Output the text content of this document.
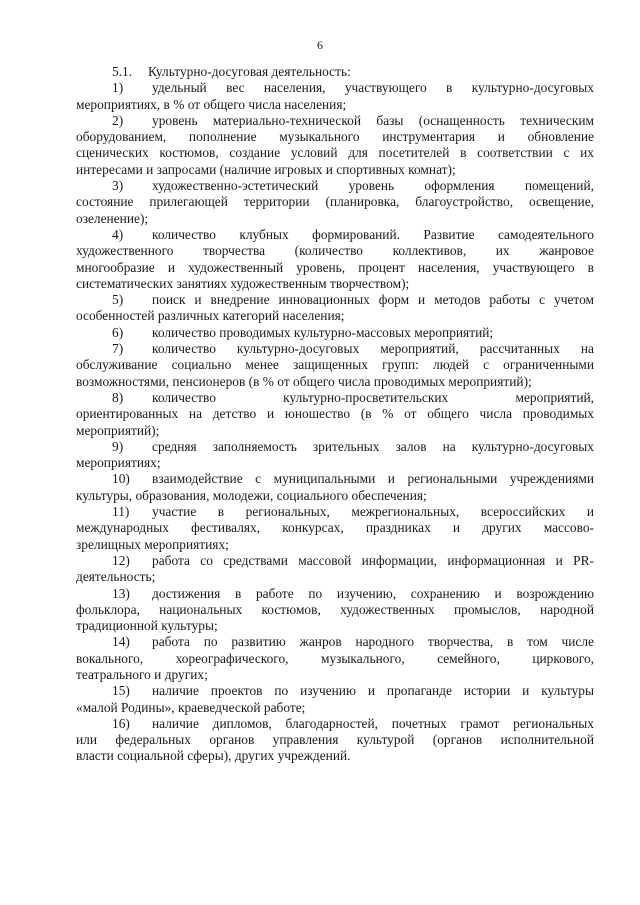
6
5.1. Культурно-досуговая деятельность:
1) удельный вес населения, участвующего в культурно-досуговых
мероприятиях, в % от общего числа населения;
2) уровень материально-технической базы (оснащенность техническим
оборудованием, пополнение музыкального инструментария и обновление
сценических костюмов, создание условий для посетителей в соответствии с их
интересами и запросами (наличие игровых и спортивных комнат);
3) художественно-эстетический уровень оформления помещений,
состояние прилегающей территории (планировка, благоустройство, освещение,
озеленение);
4) количество клубных формирований. Развитие самодеятельного
художественного творчества (количество коллективов, их жанровое
многообразие и художественный уровень, процент населения, участвующего в
систематических занятиях художественным творчеством);
5) поиск и внедрение инновационных форм и методов работы с учетом
особенностей различных категорий населения;
6) количество проводимых культурно-массовых мероприятий;
7) количество культурно-досуговых мероприятий, рассчитанных на
обслуживание социально менее защищенных групп: людей с ограниченными
возможностями, пенсионеров (в % от общего числа проводимых мероприятий);
8) количество культурно-просветительских мероприятий,
ориентированных на детство и юношество (в % от общего числа проводимых
мероприятий);
9) средняя заполняемость зрительных залов на культурно-досуговых
мероприятиях;
10) взаимодействие с муниципальными и региональными учреждениями
культуры, образования, молодежи, социального обеспечения;
11) участие в региональных, межрегиональных, всероссийских и
международных фестивалях, конкурсах, праздниках и других массово-
зрелищных мероприятиях;
12) работа со средствами массовой информации, информационная и PR-
деятельность;
13) достижения в работе по изучению, сохранению и возрождению
фольклора, национальных костюмов, художественных промыслов, народной
традиционной культуры;
14) работа по развитию жанров народного творчества, в том числе
вокального, хореографического, музыкального, семейного, циркового,
театрального и других;
15) наличие проектов по изучению и пропаганде истории и культуры
«малой Родины», краеведческой работе;
16) наличие дипломов, благодарностей, почетных грамот региональных
или федеральных органов управления культурой (органов исполнительной
власти социальной сферы), других учреждений.
